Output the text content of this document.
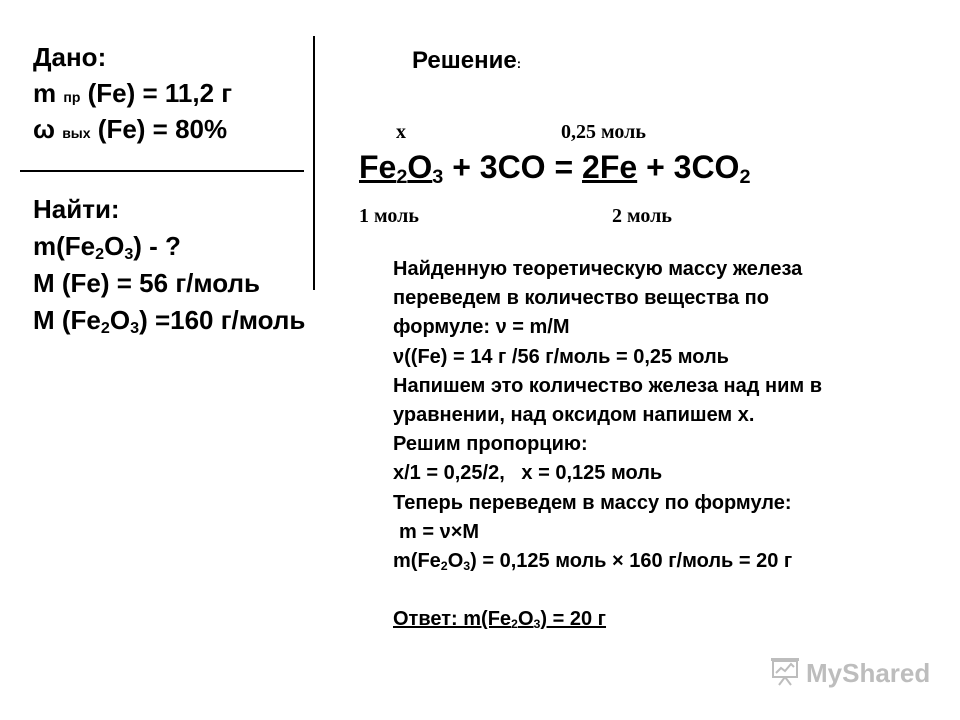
Дано:
m пр (Fe) = 11,2 г
ω вых (Fe) = 80%
Найти:
$m(Fe_2O_3)$ - ?
M (Fe) = 56 г/моль
M $(Fe_2O_3) =160$ г/моль
Решение:
x	0,25 моль
$Fe_2O_3 + 3CO = 2Fe + 3CO_2$
1 моль	2 моль
Найденную теоретическую массу железа
переведем в количество вещества по
формуле: ν = m/M
ν((Fe) = 14 г /56 г/моль = 0,25 моль
Напишем это количество железа над ним в
уравнении, над оксидом напишем x.
Решим пропорцию:
x/1 = 0,25/2,   x = 0,125 моль
Теперь переведем в массу по формуле:
m = ν×M
$m(Fe_2O_3) = 0,125$ моль × 160 г/моль = 20 г
Ответ: $m(Fe_2O_3) = 20$ г
MyShared
